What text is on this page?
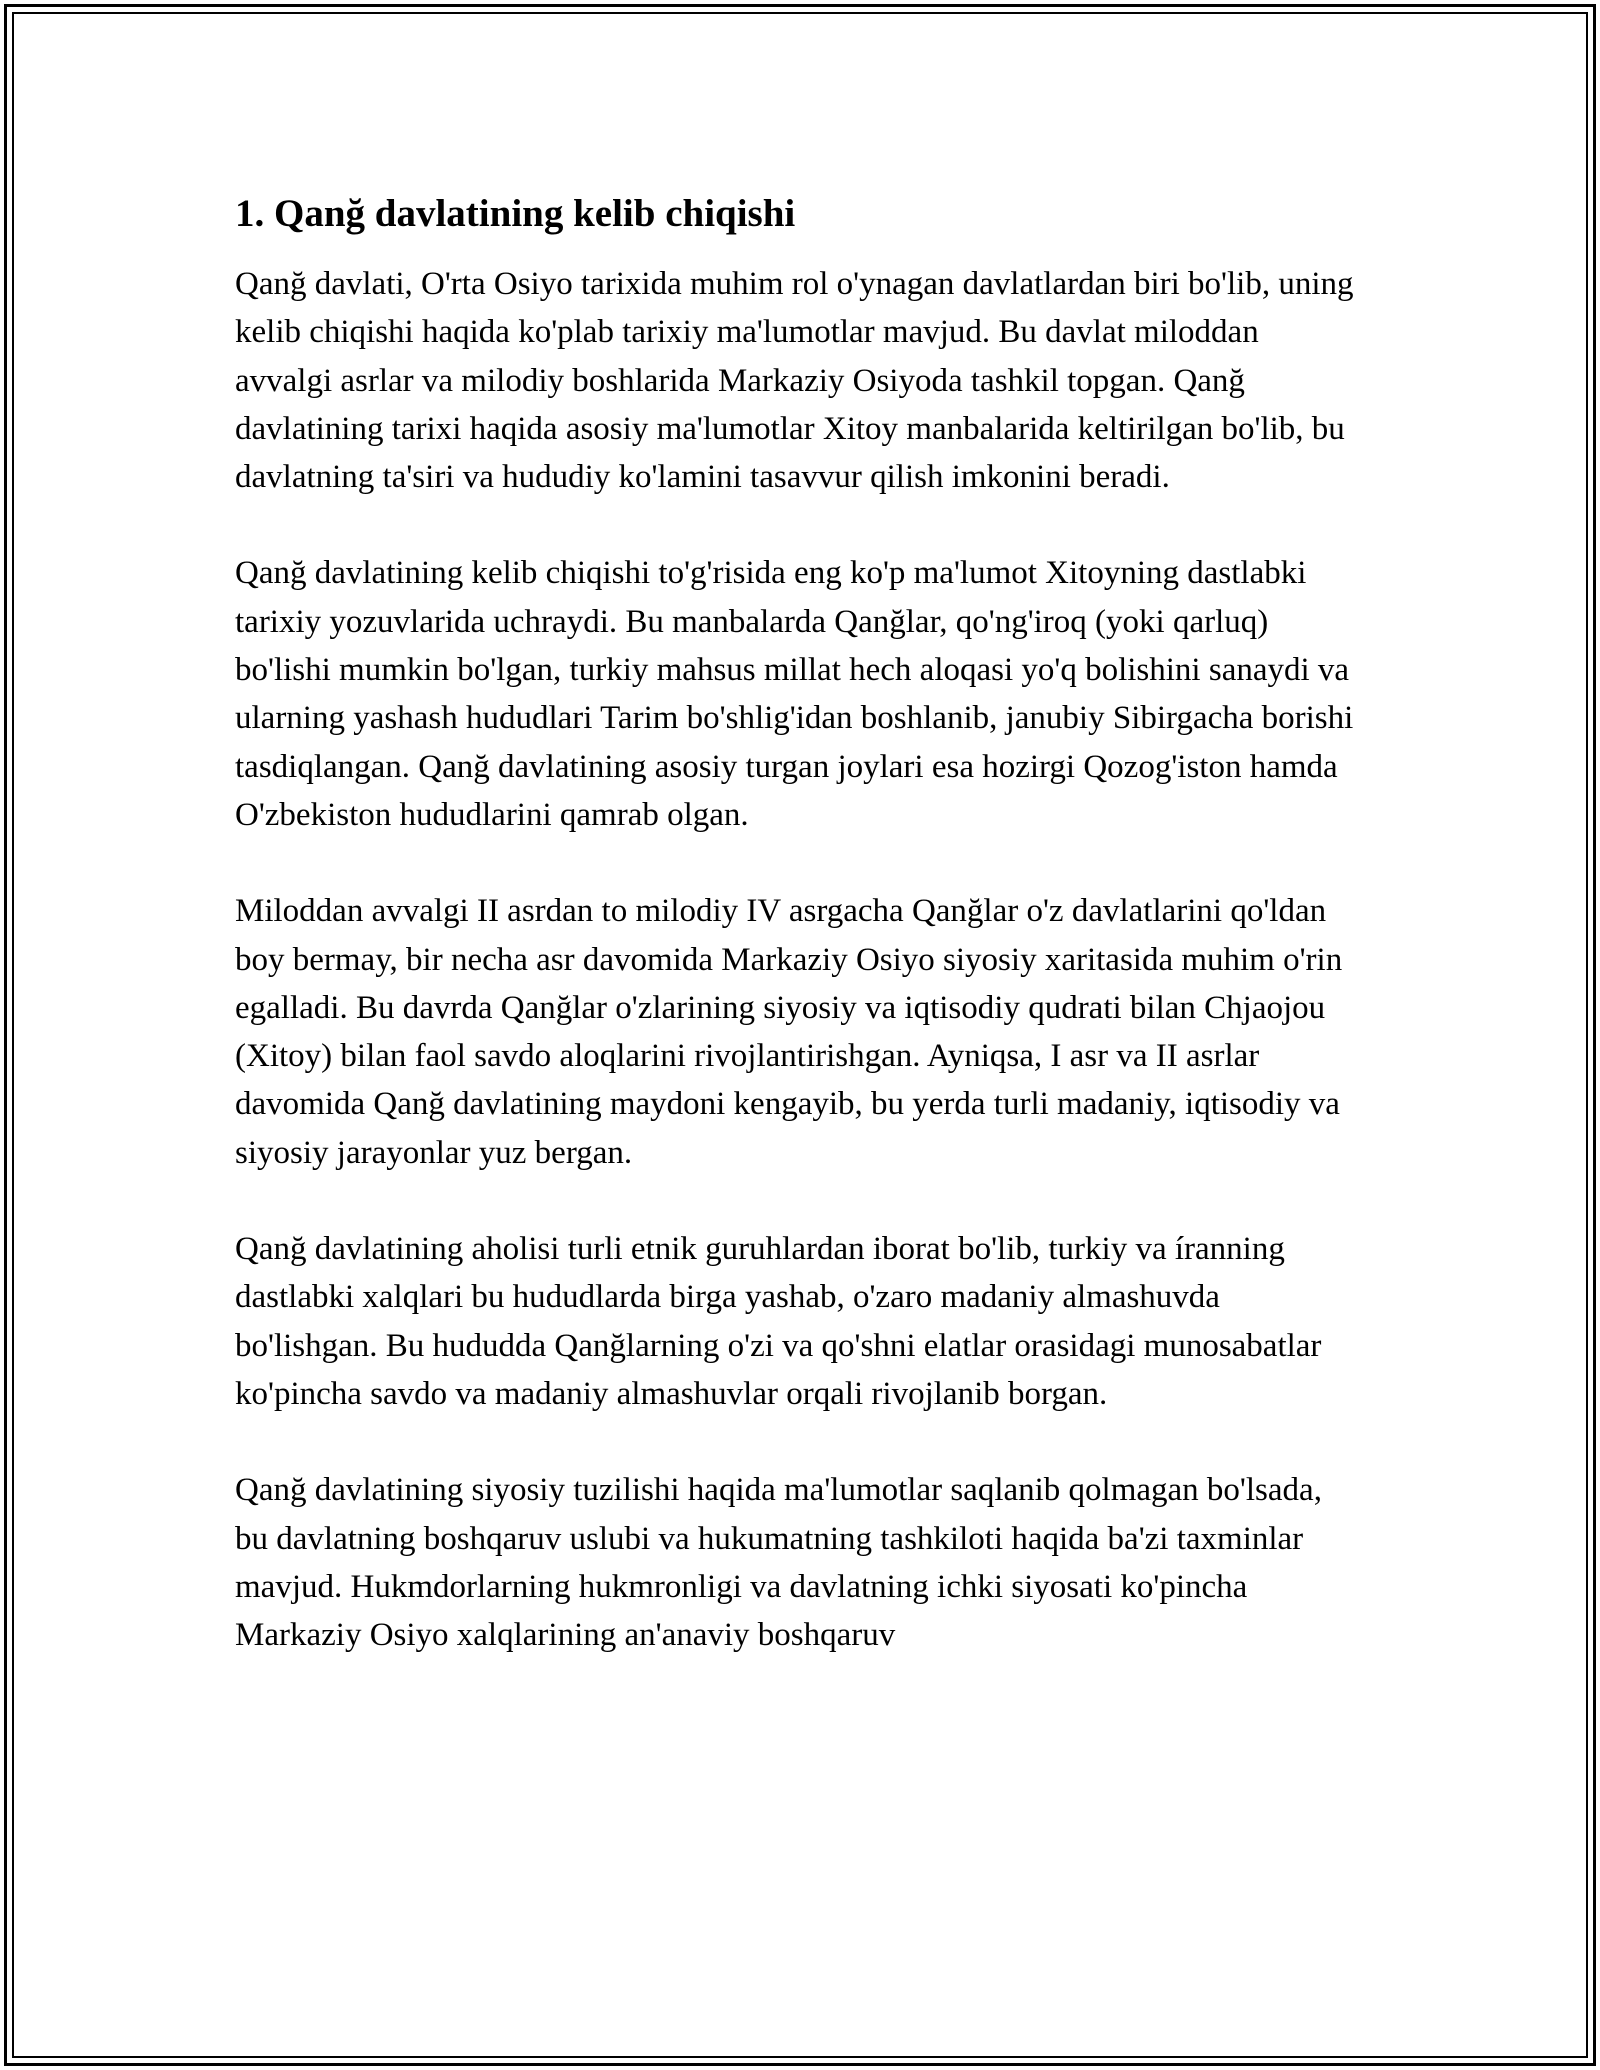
1. Qanğ davlatining kelib chiqishi

Qanğ davlati, O'rta Osiyo tarixida muhim rol o'ynagan davlatlardan biri bo'lib, uning kelib chiqishi haqida ko'plab tarixiy ma'lumotlar mavjud. Bu davlat miloddan avvalgi asrlar va milodiy boshlarida Markaziy Osiyoda tashkil topgan. Qanğ davlatining tarixi haqida asosiy ma'lumotlar Xitoy manbalarida keltirilgan bo'lib, bu davlatning ta'siri va hududiy ko'lamini tasavvur qilish imkonini beradi.

Qanğ davlatining kelib chiqishi to'g'risida eng ko'p ma'lumot Xitoyning dastlabki tarixiy yozuvlarida uchraydi. Bu manbalarda Qanğlar, qo'ng'iroq (yoki qarluq) bo'lishi mumkin bo'lgan, turkiy mahsus millat hech aloqasi yo'q bolishini sanaydi va ularning yashash hududlari Tarim bo'shlig'idan boshlanib, janubiy Sibirgacha borishi tasdiqlangan. Qanğ davlatining asosiy turgan joylari esa hozirgi Qozog'iston hamda O'zbekiston hududlarini qamrab olgan.

Miloddan avvalgi II asrdan to milodiy IV asrgacha Qanğlar o'z davlatlarini qo'ldan boy bermay, bir necha asr davomida Markaziy Osiyo siyosiy xaritasida muhim o'rin egalladi. Bu davrda Qanğlar o'zlarining siyosiy va iqtisodiy qudrati bilan Chjaojou (Xitoy) bilan faol savdo aloqlarini rivojlantirishgan. Ayniqsa, I asr va II asrlar davomida Qanğ davlatining maydoni kengayib, bu yerda turli madaniy, iqtisodiy va siyosiy jarayonlar yuz bergan.

Qanğ davlatining aholisi turli etnik guruhlardan iborat bo'lib, turkiy va íranning dastlabki xalqlari bu hududlarda birga yashab, o'zaro madaniy almashuvda bo'lishgan. Bu hududda Qanğlarning o'zi va qo'shni elatlar orasidagi munosabatlar ko'pincha savdo va madaniy almashuvlar orqali rivojlanib borgan.

Qanğ davlatining siyosiy tuzilishi haqida ma'lumotlar saqlanib qolmagan bo'lsada, bu davlatning boshqaruv uslubi va hukumatning tashkiloti haqida ba'zi taxminlar mavjud. Hukmdorlarning hukmronligi va davlatning ichki siyosati ko'pincha Markaziy Osiyo xalqlarining an'anaviy boshqaruv
